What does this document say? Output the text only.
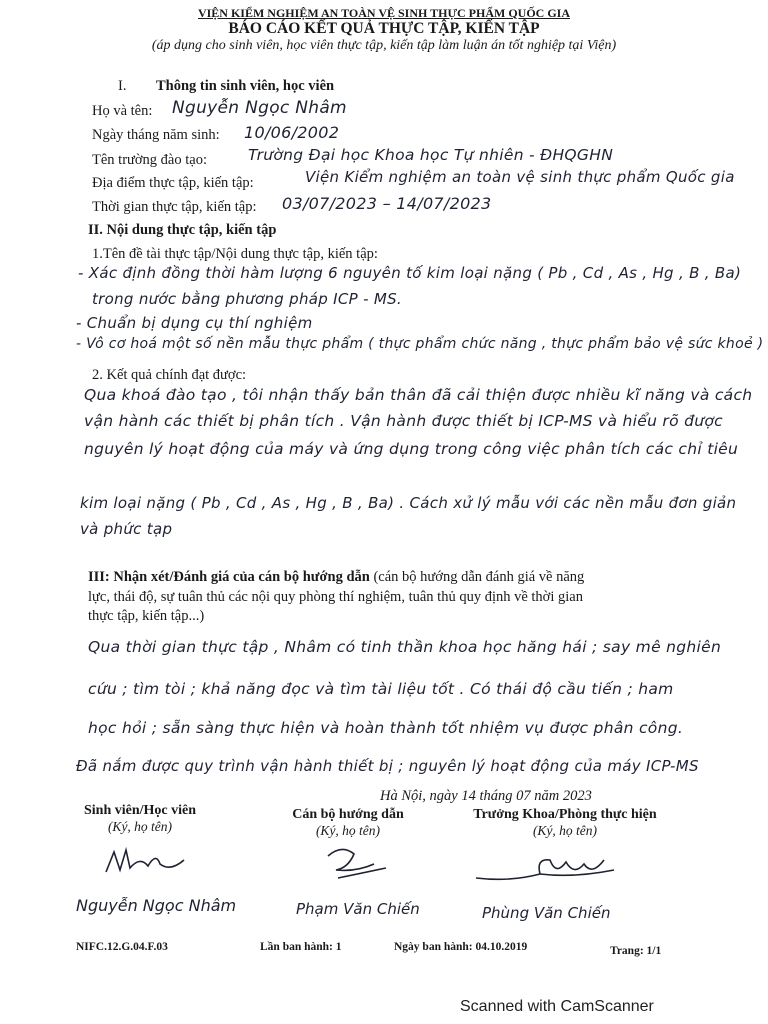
VIỆN KIỂM NGHIỆM AN TOÀN VỆ SINH THỰC PHẨM QUỐC GIA
BÁO CÁO KẾT QUẢ THỰC TẬP, KIẾN TẬP
(áp dụng cho sinh viên, học viên thực tập, kiến tập làm luận án tốt nghiệp tại Viện)
I. Thông tin sinh viên, học viên
Họ và tên: Nguyễn Ngọc Nhâm
Ngày tháng năm sinh: 10/06/2002
Tên trường đào tạo:	Trường Đại học Khoa học Tự nhiên - ĐHQGHN
Địa điểm thực tập, kiến tập:	Viện Kiểm nghiệm an toàn vệ sinh thực phẩm Quốc gia
Thời gian thực tập, kiến tập: 03/07/2023 – 14/07/2023
II. Nội dung thực tập, kiến tập
1.Tên đề tài thực tập/Nội dung thực tập, kiến tập:
- Xác định đồng thời hàm lượng 6 nguyên tố kim loại nặng ( Pb , Cd , As , Hg , B , Ba)
trong nước bằng phương pháp ICP - MS.
- Chuẩn bị dụng cụ thí nghiệm
- Vô cơ hoá một số nền mẫu thực phẩm ( thực phẩm chức năng , thực phẩm bảo vệ sức khoẻ )
2. Kết quả chính đạt được:
Qua khoá đào tạo , tôi nhận thấy bản thân đã cải thiện được nhiều kĩ năng và cách
vận hành các thiết bị phân tích . Vận hành được thiết bị ICP-MS và hiểu rõ được
nguyên lý hoạt động của máy và ứng dụng trong công việc phân tích các chỉ tiêu
kim loại nặng ( Pb , Cd , As , Hg , B , Ba) . Cách xử lý mẫu với các nền mẫu đơn giản
và phức tạp
III: Nhận xét/Đánh giá của cán bộ hướng dẫn (cán bộ hướng dẫn đánh giá về năng
lực, thái độ, sự tuân thủ các nội quy phòng thí nghiệm, tuân thủ quy định về thời gian
thực tập, kiến tập...)
Qua thời gian thực tập , Nhâm có tinh thần khoa học hăng hái ; say mê nghiên
cứu ; tìm tòi ; khả năng đọc và tìm tài liệu tốt . Có thái độ cầu tiến ; ham
học hỏi ; sẵn sàng thực hiện và hoàn thành tốt nhiệm vụ được phân công.
Đã nắm được quy trình vận hành thiết bị ; nguyên lý hoạt động của máy ICP-MS
Hà Nội, ngày 14 tháng 07 năm 2023
Sinh viên/Học viên
(Ký, họ tên)
Cán bộ hướng dẫn
(Ký, họ tên)
Trưởng Khoa/Phòng thực hiện
(Ký, họ tên)
Nguyễn Ngọc Nhâm	Phạm Văn Chiến	Phùng Văn Chiến
NIFC.12.G.04.F.03	Lần ban hành: 1	Ngày ban hành: 04.10.2019	Trang: 1/1
Scanned with CamScanner
